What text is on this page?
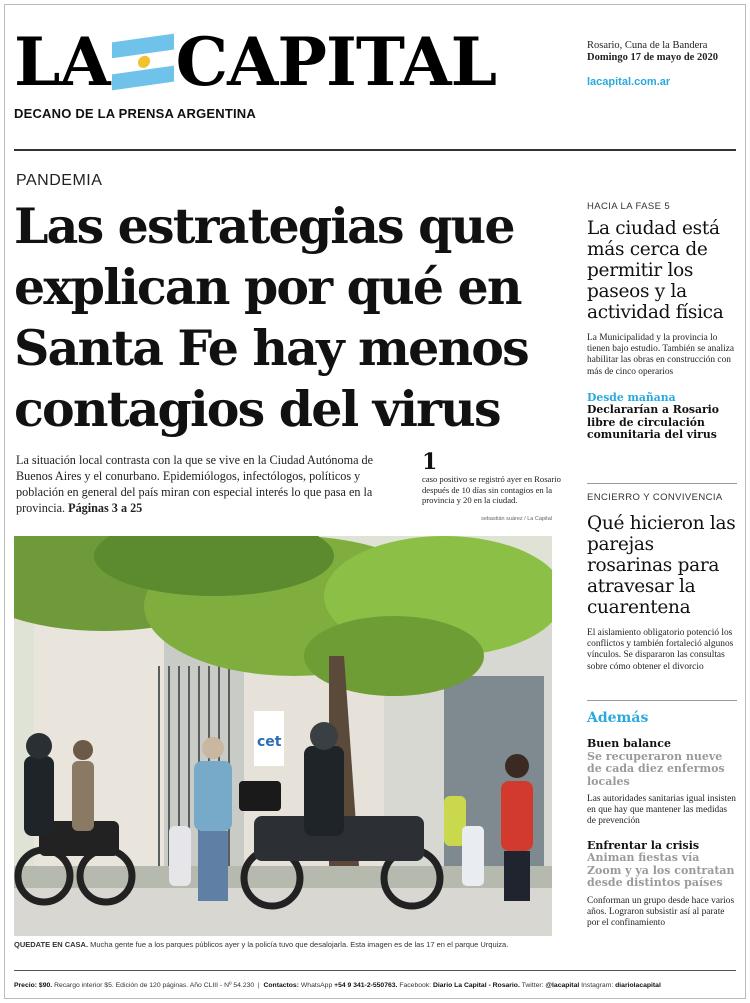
LA CAPITAL
DECANO DE LA PRENSA ARGENTINA
Rosario, Cuna de la Bandera
Domingo 17 de mayo de 2020
lacapital.com.ar
PANDEMIA
Las estrategias que explican por qué en Santa Fe hay menos contagios del virus

La situación local contrasta con la que se vive en la Ciudad Autónoma de Buenos Aires y el conurbano. Epidemiólogos, infectólogos, políticos y población en general del país miran con especial interés lo que pasa en la provincia. Páginas 3 a 25

1
caso positivo se registró ayer en Rosario después de 10 días sin contagios en la provincia y 20 en la ciudad.
sebastián suárez / La Capital
cet
QUEDATE EN CASA. Mucha gente fue a los parques públicos ayer y la policía tuvo que desalojarla. Esta imagen es de las 17 en el parque Urquiza.
HACIA LA FASE 5
La ciudad está más cerca de permitir los paseos y la actividad física
La Municipalidad y la provincia lo tienen bajo estudio. También se analiza habilitar las obras en construcción con más de cinco operarios
Desde mañana
Declararían a Rosario libre de circulación comunitaria del virus
ENCIERRO Y CONVIVENCIA
Qué hicieron las parejas rosarinas para atravesar la cuarentena
El aislamiento obligatorio potenció los conflictos y también fortaleció algunos vínculos. Se dispararon las consultas sobre cómo obtener el divorcio
Además
Buen balance
Se recuperaron nueve de cada diez enfermos locales
Las autoridades sanitarias igual insisten en que hay que mantener las medidas de prevención
Enfrentar la crisis
Animan fiestas vía Zoom y ya los contratan desde distintos países
Conforman un grupo desde hace varios años. Lograron subsistir así al parate por el confinamiento
Precio: $90. Recargo interior $5. Edición de 120 páginas. Año CLIII - Nº 54.230  |  Contactos: WhatsApp +54 9 341-2-550763. Facebook: Diario La Capital - Rosario. Twitter: @lacapital Instagram: diariolacapital
